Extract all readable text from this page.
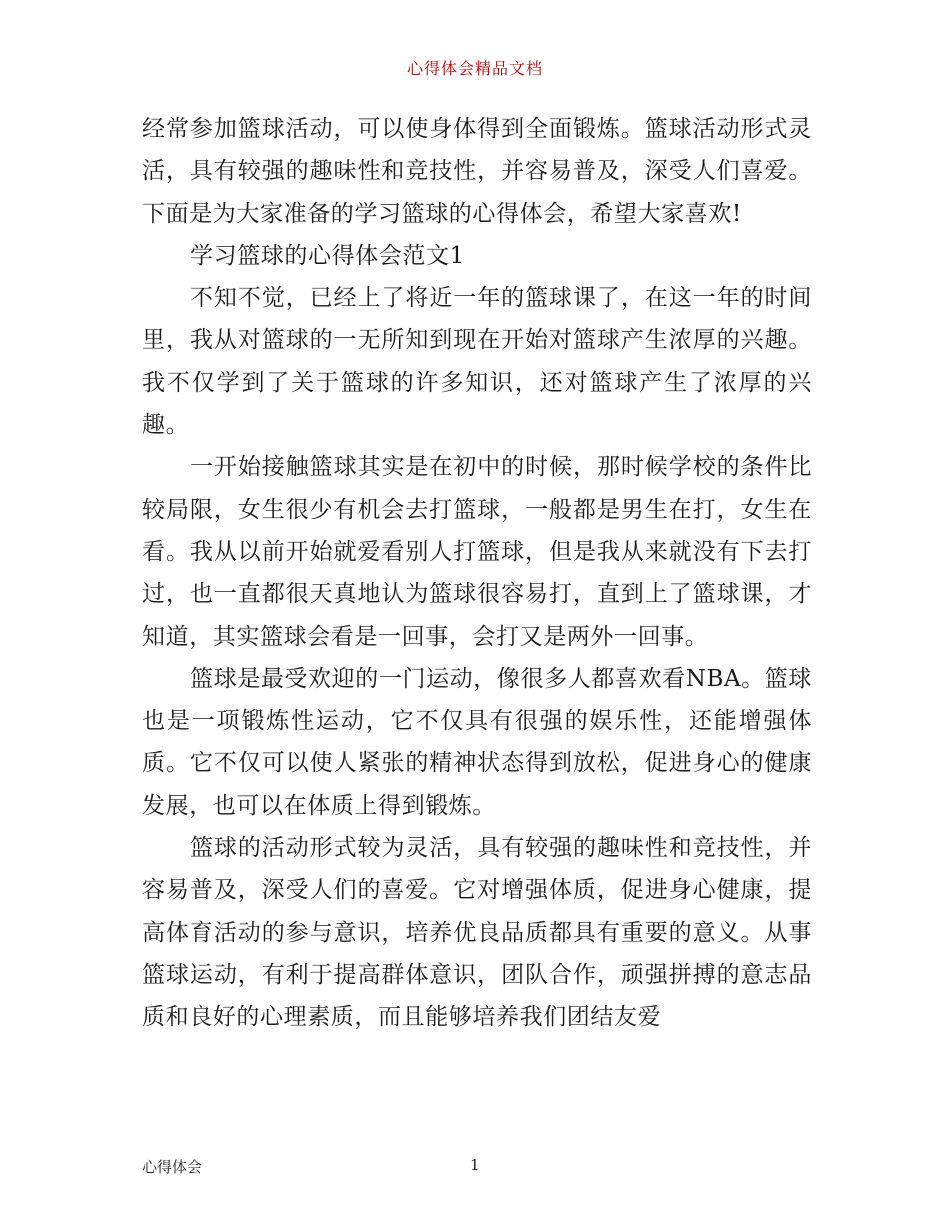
心得体会精品文档

经常参加篮球活动，可以使身体得到全面锻炼。篮球活动形式灵活，具有较强的趣味性和竞技性，并容易普及，深受人们喜爱。下面是为大家准备的学习篮球的心得体会，希望大家喜欢!

学习篮球的心得体会范文1

不知不觉，已经上了将近一年的篮球课了，在这一年的时间里，我从对篮球的一无所知到现在开始对篮球产生浓厚的兴趣。我不仅学到了关于篮球的许多知识，还对篮球产生了浓厚的兴趣。

一开始接触篮球其实是在初中的时候，那时候学校的条件比较局限，女生很少有机会去打篮球，一般都是男生在打，女生在看。我从以前开始就爱看别人打篮球，但是我从来就没有下去打过，也一直都很天真地认为篮球很容易打，直到上了篮球课，才知道，其实篮球会看是一回事，会打又是两外一回事。

篮球是最受欢迎的一门运动，像很多人都喜欢看NBA。篮球也是一项锻炼性运动，它不仅具有很强的娱乐性，还能增强体质。它不仅可以使人紧张的精神状态得到放松，促进身心的健康发展，也可以在体质上得到锻炼。

篮球的活动形式较为灵活，具有较强的趣味性和竞技性，并容易普及，深受人们的喜爱。它对增强体质，促进身心健康，提高体育活动的参与意识，培养优良品质都具有重要的意义。从事篮球运动，有利于提高群体意识，团队合作，顽强拼搏的意志品质和良好的心理素质，而且能够培养我们团结友爱

心得体会	1
